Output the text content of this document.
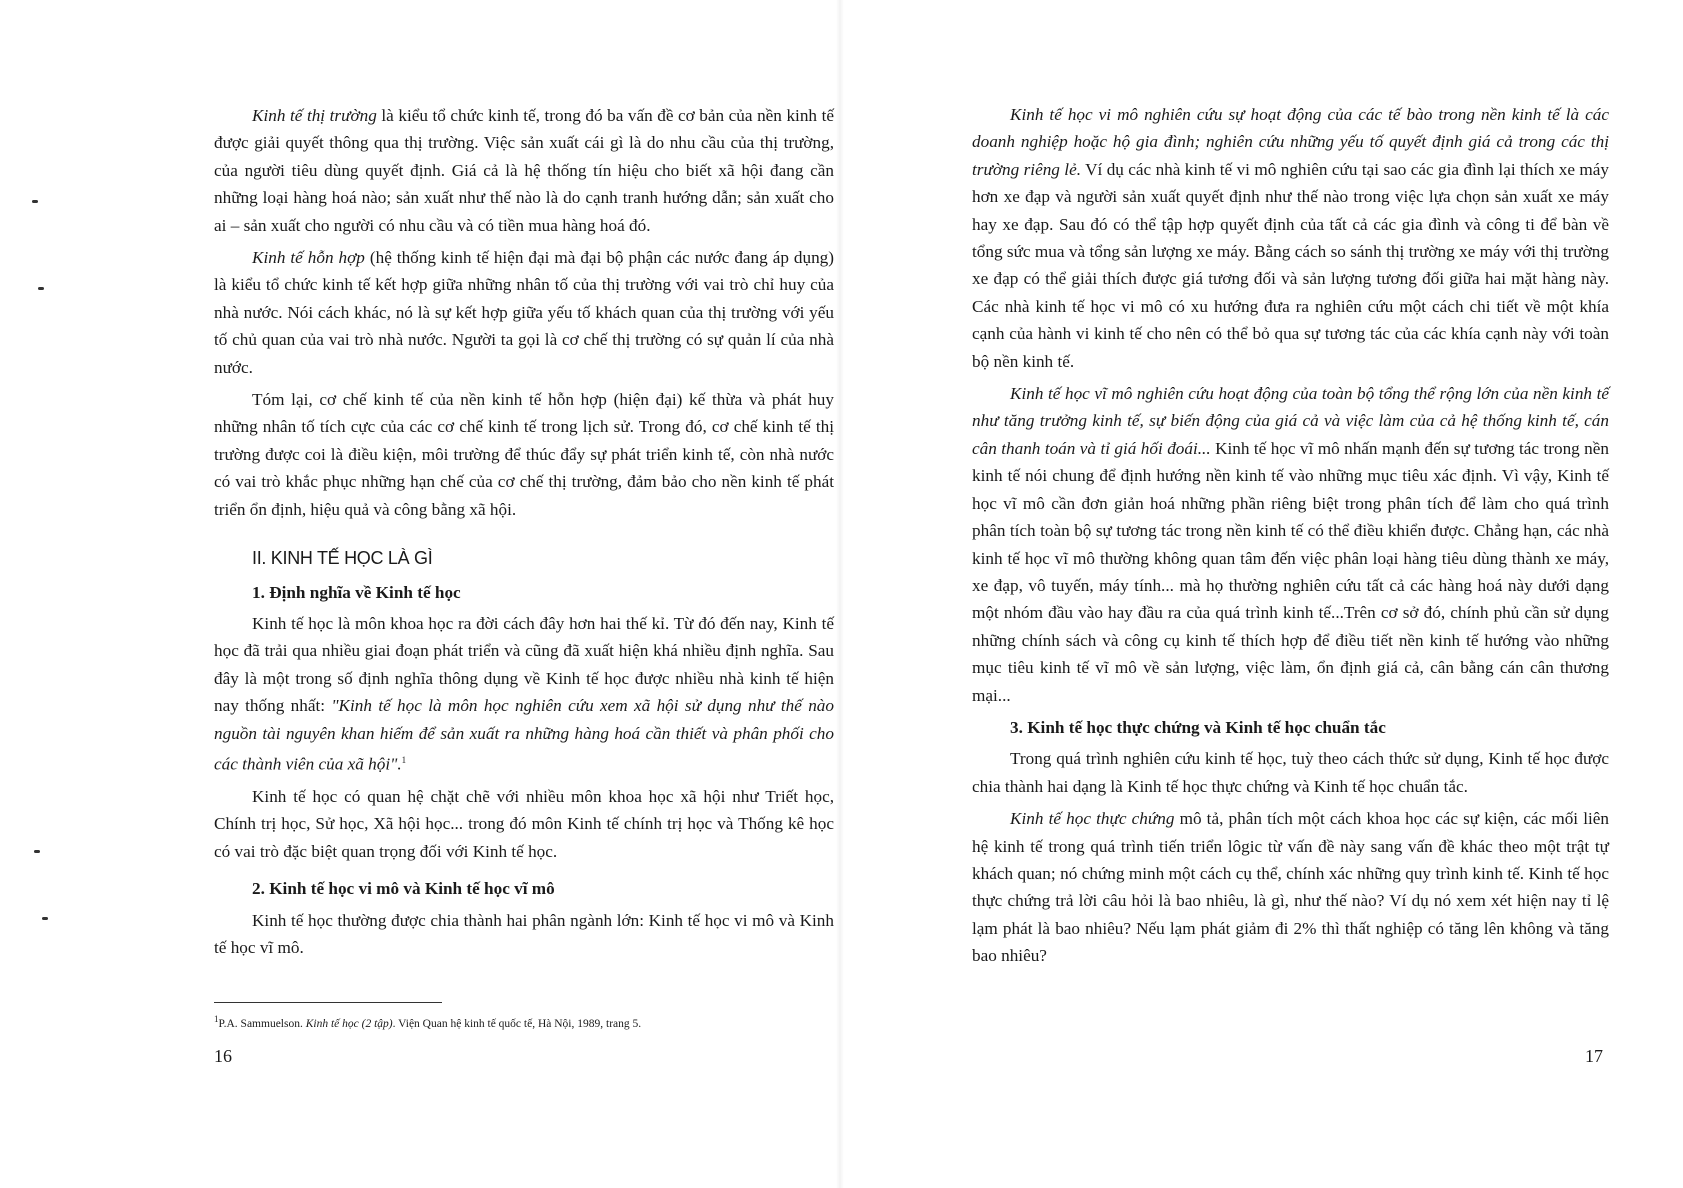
Kinh tế thị trường là kiểu tổ chức kinh tế, trong đó ba vấn đề cơ bản của nền kinh tế được giải quyết thông qua thị trường. Việc sản xuất cái gì là do nhu cầu của thị trường, của người tiêu dùng quyết định. Giá cả là hệ thống tín hiệu cho biết xã hội đang cần những loại hàng hoá nào; sản xuất như thế nào là do cạnh tranh hướng dẫn; sản xuất cho ai – sản xuất cho người có nhu cầu và có tiền mua hàng hoá đó.

Kinh tế hỗn hợp (hệ thống kinh tế hiện đại mà đại bộ phận các nước đang áp dụng) là kiểu tổ chức kinh tế kết hợp giữa những nhân tố của thị trường với vai trò chỉ huy của nhà nước. Nói cách khác, nó là sự kết hợp giữa yếu tố khách quan của thị trường với yếu tố chủ quan của vai trò nhà nước. Người ta gọi là cơ chế thị trường có sự quản lí của nhà nước.

Tóm lại, cơ chế kinh tế của nền kinh tế hỗn hợp (hiện đại) kế thừa và phát huy những nhân tố tích cực của các cơ chế kinh tế trong lịch sử. Trong đó, cơ chế kinh tế thị trường được coi là điều kiện, môi trường để thúc đẩy sự phát triển kinh tế, còn nhà nước có vai trò khắc phục những hạn chế của cơ chế thị trường, đảm bảo cho nền kinh tế phát triển ổn định, hiệu quả và công bằng xã hội.

II. KINH TẾ HỌC LÀ GÌ
1. Định nghĩa về Kinh tế học

Kinh tế học là môn khoa học ra đời cách đây hơn hai thế kỉ. Từ đó đến nay, Kinh tế học đã trải qua nhiều giai đoạn phát triển và cũng đã xuất hiện khá nhiều định nghĩa. Sau đây là một trong số định nghĩa thông dụng về Kinh tế học được nhiều nhà kinh tế hiện nay thống nhất: "Kinh tế học là môn học nghiên cứu xem xã hội sử dụng như thế nào nguồn tài nguyên khan hiếm để sản xuất ra những hàng hoá cần thiết và phân phối cho các thành viên của xã hội".$^1$

Kinh tế học có quan hệ chặt chẽ với nhiều môn khoa học xã hội như Triết học, Chính trị học, Sử học, Xã hội học... trong đó môn Kinh tế chính trị học và Thống kê học có vai trò đặc biệt quan trọng đối với Kinh tế học.

2. Kinh tế học vi mô và Kinh tế học vĩ mô

Kinh tế học thường được chia thành hai phân ngành lớn: Kinh tế học vi mô và Kinh tế học vĩ mô.

$^1$P.A. Sammuelson. Kinh tế học (2 tập). Viện Quan hệ kinh tế quốc tế, Hà Nội, 1989, trang 5.
16

Kinh tế học vi mô nghiên cứu sự hoạt động của các tế bào trong nền kinh tế là các doanh nghiệp hoặc hộ gia đình; nghiên cứu những yếu tố quyết định giá cả trong các thị trường riêng lẻ. Ví dụ các nhà kinh tế vi mô nghiên cứu tại sao các gia đình lại thích xe máy hơn xe đạp và người sản xuất quyết định như thế nào trong việc lựa chọn sản xuất xe máy hay xe đạp. Sau đó có thể tập hợp quyết định của tất cả các gia đình và công ti để bàn về tổng sức mua và tổng sản lượng xe máy. Bằng cách so sánh thị trường xe máy với thị trường xe đạp có thể giải thích được giá tương đối và sản lượng tương đối giữa hai mặt hàng này. Các nhà kinh tế học vi mô có xu hướng đưa ra nghiên cứu một cách chi tiết về một khía cạnh của hành vi kinh tế cho nên có thể bỏ qua sự tương tác của các khía cạnh này với toàn bộ nền kinh tế.

Kinh tế học vĩ mô nghiên cứu hoạt động của toàn bộ tổng thể rộng lớn của nền kinh tế như tăng trưởng kinh tế, sự biến động của giá cả và việc làm của cả hệ thống kinh tế, cán cân thanh toán và tỉ giá hối đoái... Kinh tế học vĩ mô nhấn mạnh đến sự tương tác trong nền kinh tế nói chung để định hướng nền kinh tế vào những mục tiêu xác định. Vì vậy, Kinh tế học vĩ mô cần đơn giản hoá những phần riêng biệt trong phân tích để làm cho quá trình phân tích toàn bộ sự tương tác trong nền kinh tế có thể điều khiển được. Chẳng hạn, các nhà kinh tế học vĩ mô thường không quan tâm đến việc phân loại hàng tiêu dùng thành xe máy, xe đạp, vô tuyến, máy tính... mà họ thường nghiên cứu tất cả các hàng hoá này dưới dạng một nhóm đầu vào hay đầu ra của quá trình kinh tế...Trên cơ sở đó, chính phủ cần sử dụng những chính sách và công cụ kinh tế thích hợp để điều tiết nền kinh tế hướng vào những mục tiêu kinh tế vĩ mô về sản lượng, việc làm, ổn định giá cả, cân bằng cán cân thương mại...

3. Kinh tế học thực chứng và Kinh tế học chuẩn tắc

Trong quá trình nghiên cứu kinh tế học, tuỳ theo cách thức sử dụng, Kinh tế học được chia thành hai dạng là Kinh tế học thực chứng và Kinh tế học chuẩn tắc.

Kinh tế học thực chứng mô tả, phân tích một cách khoa học các sự kiện, các mối liên hệ kinh tế trong quá trình tiến triển lôgic từ vấn đề này sang vấn đề khác theo một trật tự khách quan; nó chứng minh một cách cụ thể, chính xác những quy trình kinh tế. Kinh tế học thực chứng trả lời câu hỏi là bao nhiêu, là gì, như thế nào? Ví dụ nó xem xét hiện nay tỉ lệ lạm phát là bao nhiêu? Nếu lạm phát giảm đi 2% thì thất nghiệp có tăng lên không và tăng bao nhiêu?

17
